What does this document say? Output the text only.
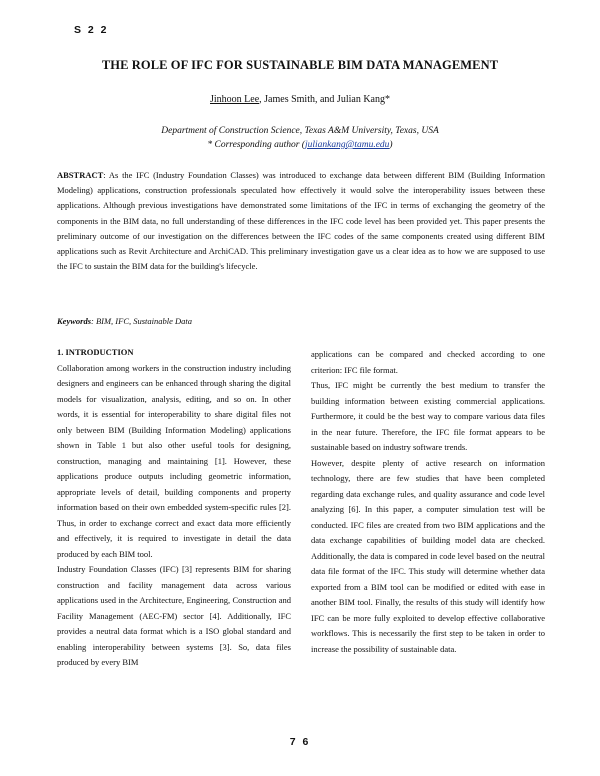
S 2 2
THE ROLE OF IFC FOR SUSTAINABLE BIM DATA MANAGEMENT
Jinhoon Lee, James Smith, and Julian Kang*
Department of Construction Science, Texas A&M University, Texas, USA
* Corresponding author (juliankang@tamu.edu)
ABSTRACT: As the IFC (Industry Foundation Classes) was introduced to exchange data between different BIM (Building Information Modeling) applications, construction professionals speculated how effectively it would solve the interoperability issues between these applications. Although previous investigations have demonstrated some limitations of the IFC in terms of exchanging the geometry of the components in the BIM data, no full understanding of these differences in the IFC code level has been provided yet. This paper presents the preliminary outcome of our investigation on the differences between the IFC codes of the same components created using different BIM applications such as Revit Architecture and ArchiCAD. This preliminary investigation gave us a clear idea as to how we are supposed to use the IFC to sustain the BIM data for the building's lifecycle.
Keywords: BIM, IFC, Sustainable Data
1. INTRODUCTION

Collaboration among workers in the construction industry including designers and engineers can be enhanced through sharing the digital models for visualization, analysis, editing, and so on. In other words, it is essential for interoperability to share digital files not only between BIM (Building Information Modeling) applications shown in Table 1 but also other useful tools for designing, construction, managing and maintaining [1]. However, these applications produce outputs including geometric information, appropriate levels of detail, building components and property information based on their own embedded system-specific rules [2]. Thus, in order to exchange correct and exact data more efficiently and effectively, it is required to investigate in detail the data produced by each BIM tool.

Industry Foundation Classes (IFC) [3] represents BIM for sharing construction and facility management data across various applications used in the Architecture, Engineering, Construction and Facility Management (AEC-FM) sector [4]. Additionally, IFC provides a neutral data format which is a ISO global standard and enabling interoperability between systems [3]. So, data files produced by every BIM

applications can be compared and checked according to one criterion: IFC file format.

Thus, IFC might be currently the best medium to transfer the building information between existing commercial applications. Furthermore, it could be the best way to compare various data files in the near future. Therefore, the IFC file format appears to be sustainable based on industry software trends.

However, despite plenty of active research on information technology, there are few studies that have been completed regarding data exchange rules, and quality assurance and code level analyzing [6]. In this paper, a computer simulation test will be conducted. IFC files are created from two BIM applications and the data exchange capabilities of building model data are checked. Additionally, the data is compared in code level based on the neutral data file format of the IFC. This study will determine whether data exported from a BIM tool can be modified or edited with ease in another BIM tool. Finally, the results of this study will identify how IFC can be more fully exploited to develop effective collaborative workflows. This is necessarily the first step to be taken in order to increase the possibility of sustainable data.

7 6
